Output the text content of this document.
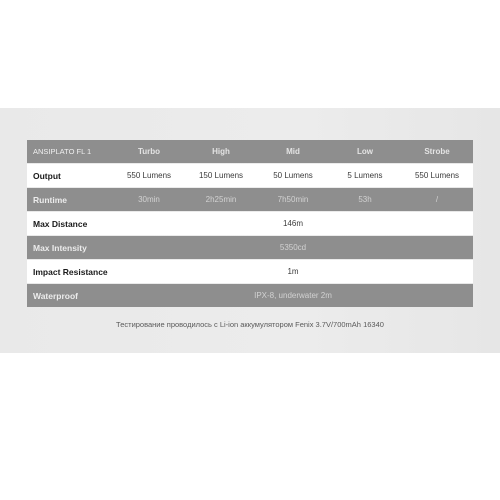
ANSIPLATO FL 1	Turbo	High	Mid	Low	Strobe

Output	550 Lumens	150 Lumens	50 Lumens	5 Lumens	550 Lumens

Runtime	30min	2h25min	7h50min	53h	/

Max Distance	146m				

Max Intensity	5350cd				

Impact Resistance	1m				

Waterproof	IPX-8, underwater 2m				
Тестирование проводилось с Li-ion аккумулятором Fenix 3.7V/700mAh 16340
